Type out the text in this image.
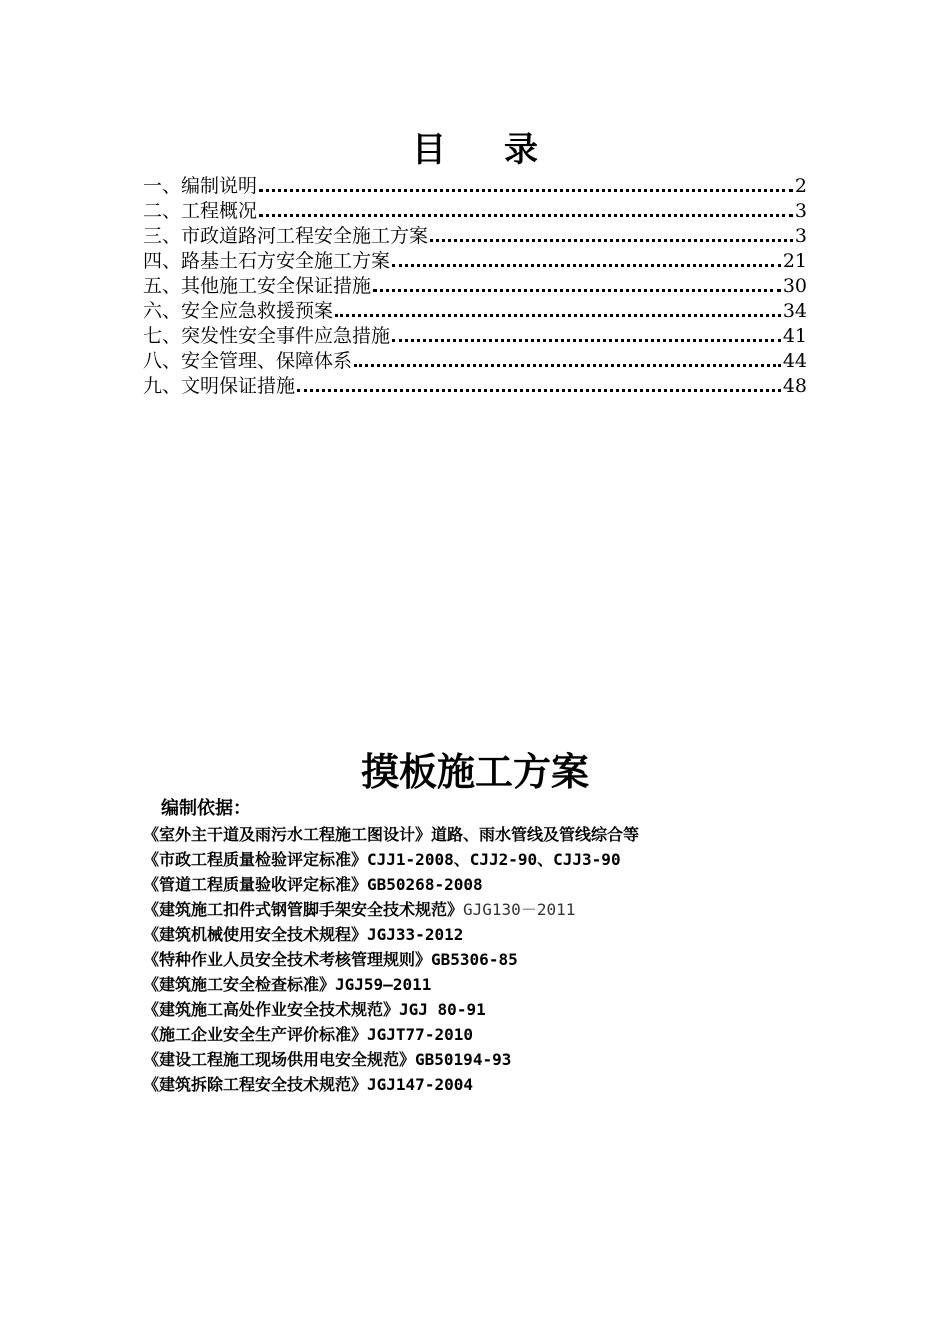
目 录
一、编制说明	2
二、工程概况	3
三、市政道路河工程安全施工方案	3
四、路基土石方安全施工方案	21
五、其他施工安全保证措施	30
六、安全应急救援预案	34
七、突发性安全事件应急措施	41
八、安全管理、保障体系	44
九、文明保证措施	48
摸板施工方案
编制依据：
《室外主干道及雨污水工程施工图设计》道路、雨水管线及管线综合等
《市政工程质量检验评定标准》CJJ1-2008、CJJ2-90、CJJ3-90
《管道工程质量验收评定标准》GB50268-2008
《建筑施工扣件式钢管脚手架安全技术规范》GJG130－2011
《建筑机械使用安全技术规程》JGJ33-2012
《特种作业人员安全技术考核管理规则》GB5306-85
《建筑施工安全检查标准》JGJ59—2011
《建筑施工高处作业安全技术规范》JGJ 80-91
《施工企业安全生产评价标准》JGJT77-2010
《建设工程施工现场供用电安全规范》GB50194-93
《建筑拆除工程安全技术规范》JGJ147-2004
